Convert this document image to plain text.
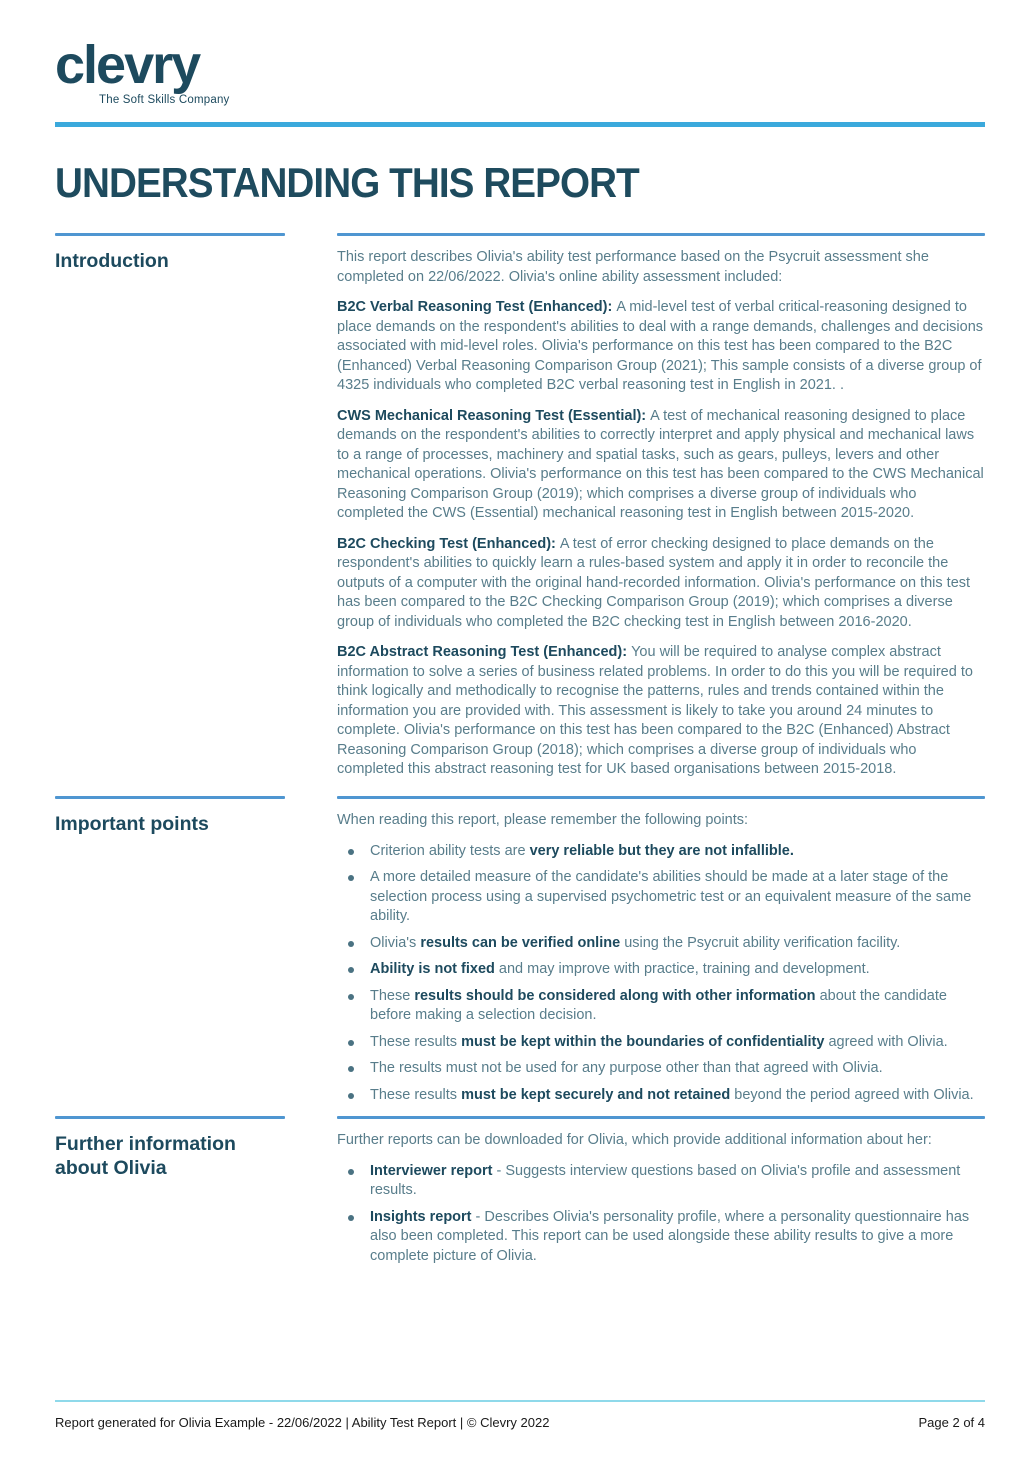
clevry
The Soft Skills Company
UNDERSTANDING THIS REPORT
Introduction	This report describes Olivia's ability test performance based on the Psycruit assessment she completed on 22/06/2022. Olivia's online ability assessment included:

B2C Verbal Reasoning Test (Enhanced): A mid-level test of verbal critical-reasoning designed to place demands on the respondent's abilities to deal with a range demands, challenges and decisions associated with mid-level roles. Olivia's performance on this test has been compared to the B2C (Enhanced) Verbal Reasoning Comparison Group (2021); This sample consists of a diverse group of 4325 individuals who completed B2C verbal reasoning test in English in 2021. .

CWS Mechanical Reasoning Test (Essential): A test of mechanical reasoning designed to place demands on the respondent's abilities to correctly interpret and apply physical and mechanical laws to a range of processes, machinery and spatial tasks, such as gears, pulleys, levers and other mechanical operations. Olivia's performance on this test has been compared to the CWS Mechanical Reasoning Comparison Group (2019); which comprises a diverse group of individuals who completed the CWS (Essential) mechanical reasoning test in English between 2015-2020.

B2C Checking Test (Enhanced): A test of error checking designed to place demands on the respondent's abilities to quickly learn a rules-based system and apply it in order to reconcile the outputs of a computer with the original hand-recorded information. Olivia's performance on this test has been compared to the B2C Checking Comparison Group (2019); which comprises a diverse group of individuals who completed the B2C checking test in English between 2016-2020.

B2C Abstract Reasoning Test (Enhanced): You will be required to analyse complex abstract information to solve a series of business related problems. In order to do this you will be required to think logically and methodically to recognise the patterns, rules and trends contained within the information you are provided with. This assessment is likely to take you around 24 minutes to complete. Olivia's performance on this test has been compared to the B2C (Enhanced) Abstract Reasoning Comparison Group (2018); which comprises a diverse group of individuals who completed this abstract reasoning test for UK based organisations between 2015-2018.

Important points	When reading this report, please remember the following points:

Criterion ability tests are very reliable but they are not infallible.
A more detailed measure of the candidate's abilities should be made at a later stage of the selection process using a supervised psychometric test or an equivalent measure of the same ability.
Olivia's results can be verified online using the Psycruit ability verification facility.
Ability is not fixed and may improve with practice, training and development.
These results should be considered along with other information about the candidate before making a selection decision.
These results must be kept within the boundaries of confidentiality agreed with Olivia.
The results must not be used for any purpose other than that agreed with Olivia.
These results must be kept securely and not retained beyond the period agreed with Olivia.
Further information about Olivia

Further reports can be downloaded for Olivia, which provide additional information about her:

Interviewer report - Suggests interview questions based on Olivia's profile and assessment results.
Insights report - Describes Olivia's personality profile, where a personality questionnaire has also been completed. This report can be used alongside these ability results to give a more complete picture of Olivia.
Report generated for Olivia Example - 22/06/2022 | Ability Test Report | © Clevry 2022	Page 2 of 4
